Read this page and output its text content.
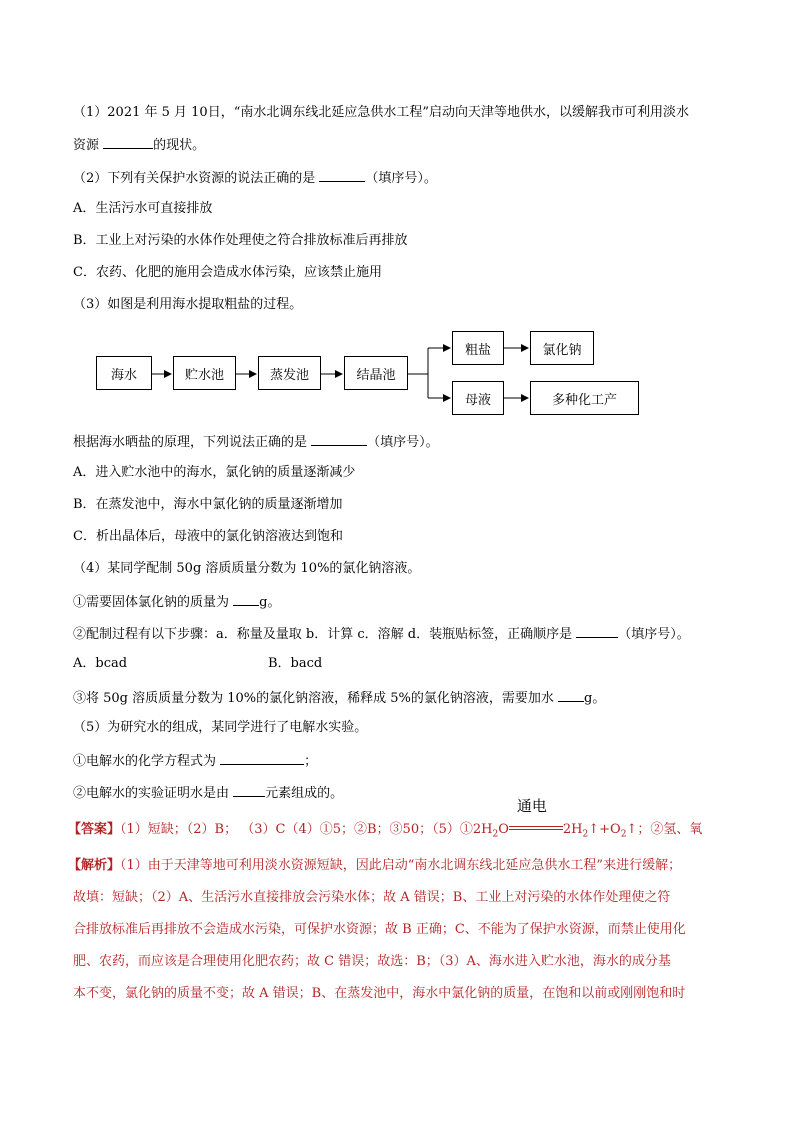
（1）2021 年 5 月 10日，“南水北调东线北延应急供水工程”启动向天津等地供水，以缓解我市可利用淡水
资源	的现状。
（2）下列有关保护水资源的说法正确的是	（填序号）。
A．生活污水可直接排放
B．工业上对污染的水体作处理使之符合排放标准后再排放
C．农药、化肥的施用会造成水体污染，应该禁止施用
（3）如图是利用海水提取粗盐的过程。
海水	贮水池	蒸发池	结晶池
粗盐	氯化钠
母液	多种化工产
根据海水晒盐的原理，下列说法正确的是	（填序号）。
A．进入贮水池中的海水，氯化钠的质量逐渐减少
B．在蒸发池中，海水中氯化钠的质量逐渐增加
C．析出晶体后，母液中的氯化钠溶液达到饱和
（4）某同学配制 50g 溶质质量分数为 10%的氯化钠溶液。
①需要固体氯化钠的质量为 g。
②配制过程有以下步骤：a．称量及量取 b．计算 c．溶解 d．装瓶贴标签，正确顺序是	（填序号）。
A．bcad	B．bacd
③将 50g 溶质质量分数为 10%的氯化钠溶液，稀释成 5%的氯化钠溶液，需要加水 g。
（5）为研究水的组成，某同学进行了电解水实验。
①电解水的化学方程式为	；
②电解水的实验证明水是由 元素组成的。
【答案】（1）短缺；（2）B； （3）C（4）①5；②B；③50；$(5)①2H_2O$
通电
$2H_2↑+O_2↑$；②氢、氧
【解析】（1）由于天津等地可利用淡水资源短缺，因此启动“南水北调东线北延应急供水工程”来进行缓解；
故填：短缺；（2）A、生活污水直接排放会污染水体；故 A 错误；B、工业上对污染的水体作处理使之符
合排放标准后再排放不会造成水污染，可保护水资源；故 B 正确；C、不能为了保护水资源，而禁止使用化
肥、农药，而应该是合理使用化肥农药；故 C 错误；故选：B；（3）A、海水进入贮水池，海水的成分基
本不变，氯化钠的质量不变；故 A 错误；B、在蒸发池中，海水中氯化钠的质量，在饱和以前或刚刚饱和时
